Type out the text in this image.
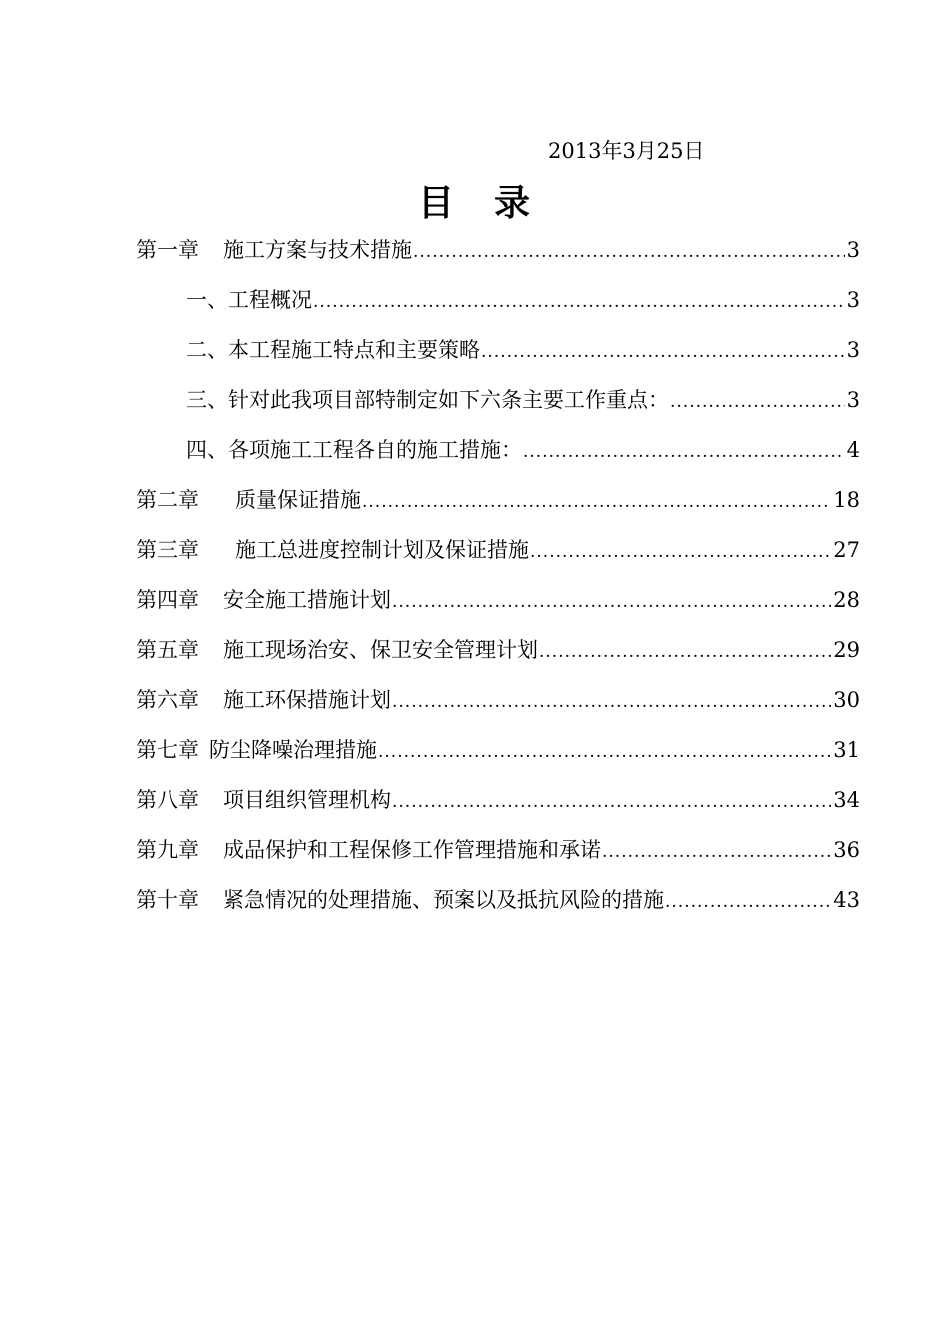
2013年3月25日
目　录
第一章 施工方案与技术措施 .....	3
一、工程概况 .....	3
二、本工程施工特点和主要策略 .....	3
三、针对此我项目部特制定如下六条主要工作重点： .....	3
四、各项施工工程各自的施工措施： .....	4
第二章 质量保证措施 .....	18
第三章 施工总进度控制计划及保证措施 .....	27
第四章 安全施工措施计划 .....	28
第五章 施工现场治安、保卫安全管理计划 .....	29
第六章 施工环保措施计划 .....	30
第七章 防尘降噪治理措施 .....	31
第八章 项目组织管理机构 .....	34
第九章 成品保护和工程保修工作管理措施和承诺 .....	36
第十章 紧急情况的处理措施、预案以及抵抗风险的措施 .....	43
